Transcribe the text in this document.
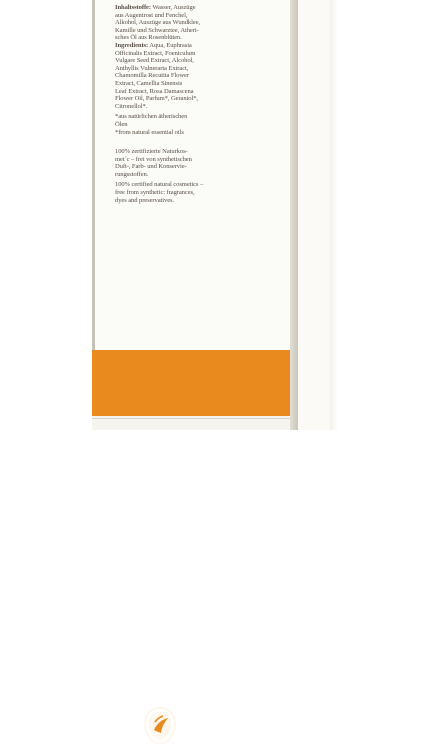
Inhaltsstoffe: Wasser, Auszüge
aus Augentrost und Fenchel,
Alkohol, Auszüge aus Wundklee,
Kamille und Schwarztee, Atheri-
sches Öl aus Rosenblüten.
Ingredients: Aqua, Euphrasia
Officinalis Extract, Foeniculum
Vulgare Seed Extract, Alcohol,
Anthyllis Vulneraria Extract,
Chamomilla Recutita Flower
Extract, Camellia Sinensis
Leaf Extract, Rosa Damascena
Flower Oil, Parfum*, Geraniol*,
Citronellol*.
*aus natürlichen ätherischen
Ölen
*from natural essential oils
100% zertifizierte Naturkos-
met´c – frei von synthetischen
Duft-, Farb- und Konservie-
rungsstoffen.
100% certified natural cosmetics –
free from synthetic: fragrances,
dyes and preservatives.
